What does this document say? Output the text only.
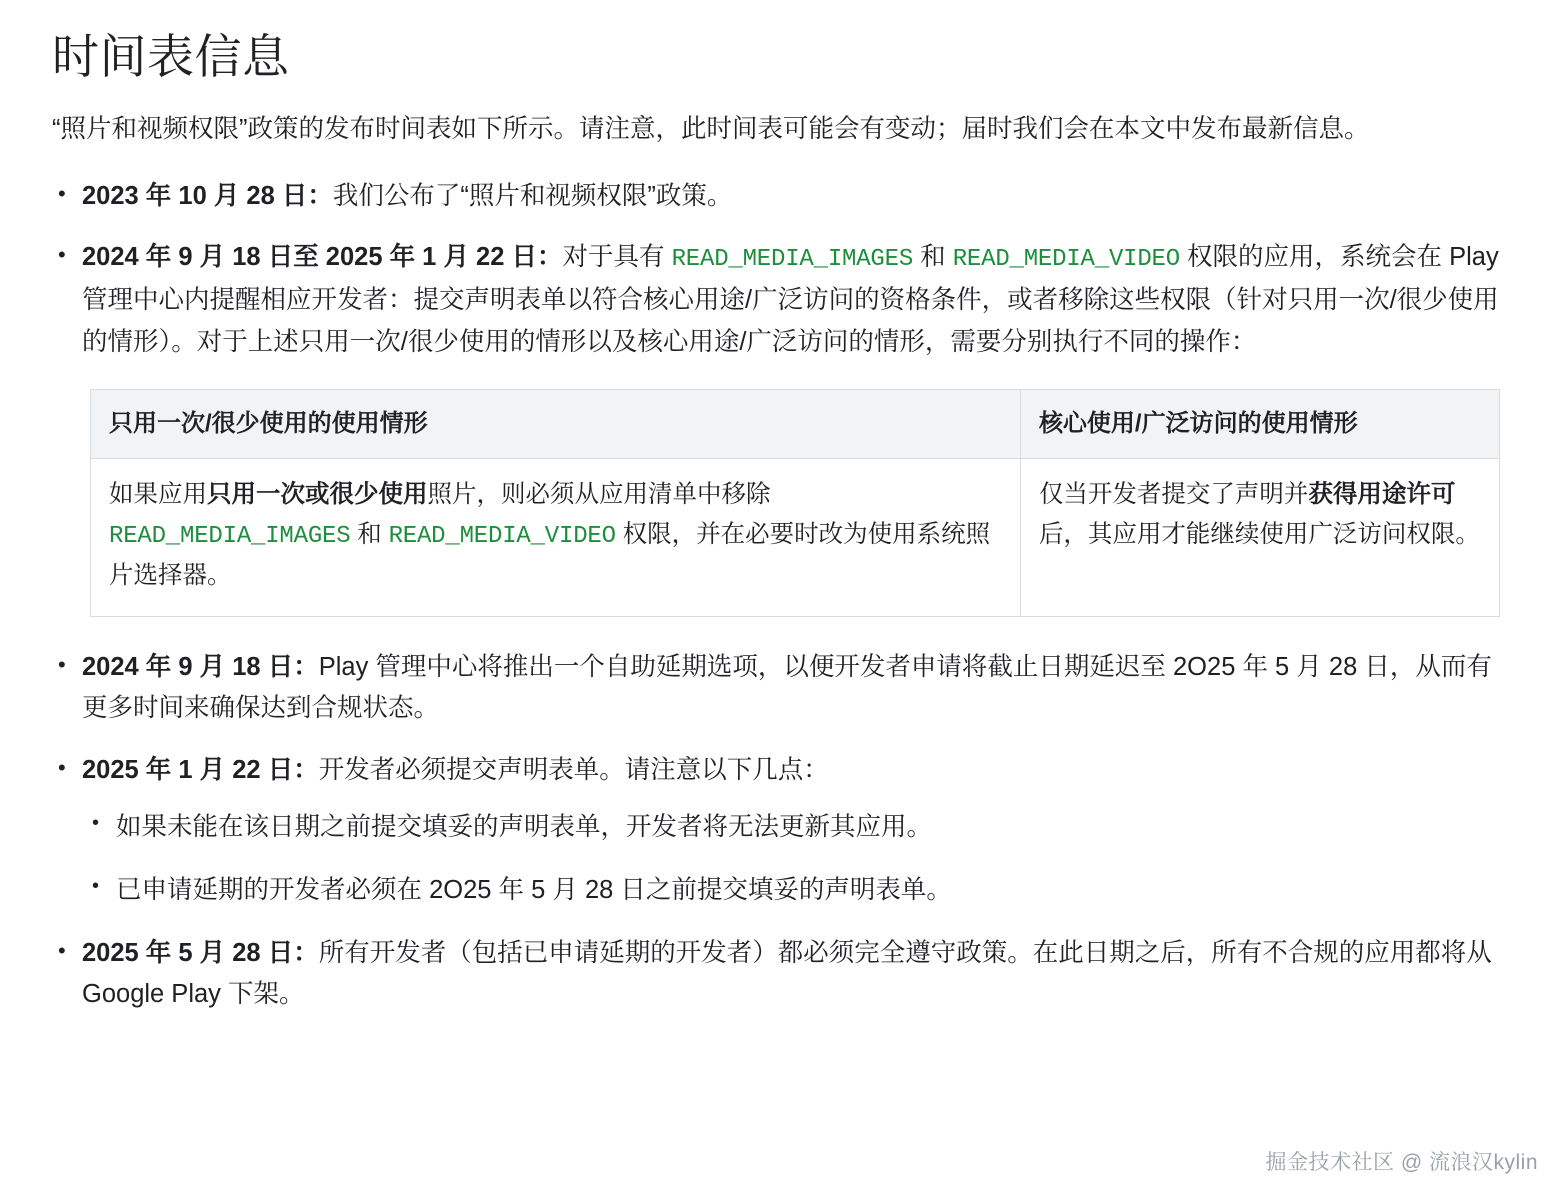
时间表信息

“照片和视频权限”政策的发布时间表如下所示。请注意，此时间表可能会有变动；届时我们会在本文中发布最新信息。

• 2023 年 10 月 28 日：我们公布了“照片和视频权限”政策。
• 2024 年 9 月 18 日至 2025 年 1 月 22 日：对于具有 READ_MEDIA_IMAGES 和 READ_MEDIA_VIDEO 权限的应用，系统会在 Play 管理中心内提醒相应开发者：提交声明表单以符合核心用途/广泛访问的资格条件，或者移除这些权限（针对只用一次/很少使用的情形）。对于上述只用一次/很少使用的情形以及核心用途/广泛访问的情形，需要分别执行不同的操作：
只用一次/很少使用的使用情形	核心使用/广泛访问的使用情形
如果应用只用一次或很少使用照片，则必须从应用清单中移除 READ_MEDIA_IMAGES 和 READ_MEDIA_VIDEO 权限，并在必要时改为使用系统照片选择器。	仅当开发者提交了声明并获得用途许可后，其应用才能继续使用广泛访问权限。
• 2024 年 9 月 18 日：Play 管理中心将推出一个自助延期选项，以便开发者申请将截止日期延迟至 2O25 年 5 月 28 日，从而有更多时间来确保达到合规状态。
• 2025 年 1 月 22 日：开发者必须提交声明表单。请注意以下几点：
• 如果未能在该日期之前提交填妥的声明表单，开发者将无法更新其应用。
• 已申请延期的开发者必须在 2O25 年 5 月 28 日之前提交填妥的声明表单。
• 2025 年 5 月 28 日：所有开发者（包括已申请延期的开发者）都必须完全遵守政策。在此日期之后，所有不合规的应用都将从 Google Play 下架。
掘金技术社区 @ 流浪汉kylin
